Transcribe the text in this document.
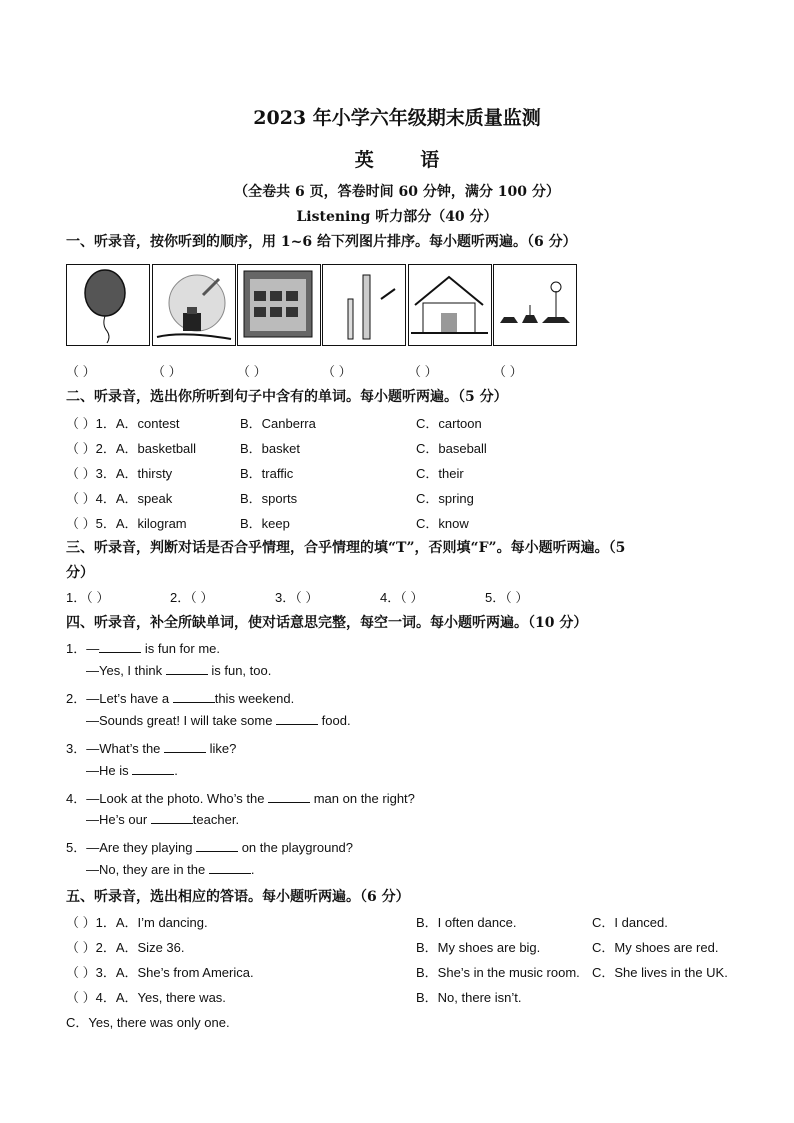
2023 年小学六年级期末质量监测
英 语
（全卷共 6 页，答卷时间 60 分钟，满分 100 分）
Listening 听力部分（40 分）
一、听录音，按你听到的顺序，用 1~6 给下列图片排序。每小题听两遍。（6 分）
（ ）	（ ）	（ ）	（ ）	（ ）	（ ）
二、听录音，选出你所听到句子中含有的单词。每小题听两遍。（5 分）
（ ）1．A．contest	B．Canberra	C．cartoon
（ ）2．A．basketball	B．basket	C．baseball
（ ）3．A．thirsty	B．traffic	C．their
（ ）4．A．speak	B．sports	C．spring
（ ）5．A．kilogram	B．keep	C．know
三、听录音，判断对话是否合乎情理，合乎情理的填“T”，否则填“F”。每小题听两遍。（5
分）
1．（ ）	2．（ ）	3．（ ）	4．（ ）	5．（ ）
四、听录音，补全所缺单词，使对话意思完整，每空一词。每小题听两遍。（10 分）
1．—	is fun for me.
—Yes, I think	is fun, too.
2．—Let’s have a	this weekend.
—Sounds great! I will take some	food.
3．—What’s the	like?
—He is	.
4．—Look at the photo. Who’s the	man on the right?
—He’s our	teacher.
5．—Are they playing	on the playground?
—No, they are in the	.
五、听录音，选出相应的答语。每小题听两遍。（6 分）
（ ）1．A．I’m dancing.	B．I often dance.	C．I danced.
（ ）2．A．Size 36.	B．My shoes are big.	C．My shoes are red.
（ ）3．A．She’s from America.	B．She’s in the music room. C．She lives in the UK.
（ ）4．A．Yes, there was.	B．No, there isn’t.
C．Yes, there was only one.
